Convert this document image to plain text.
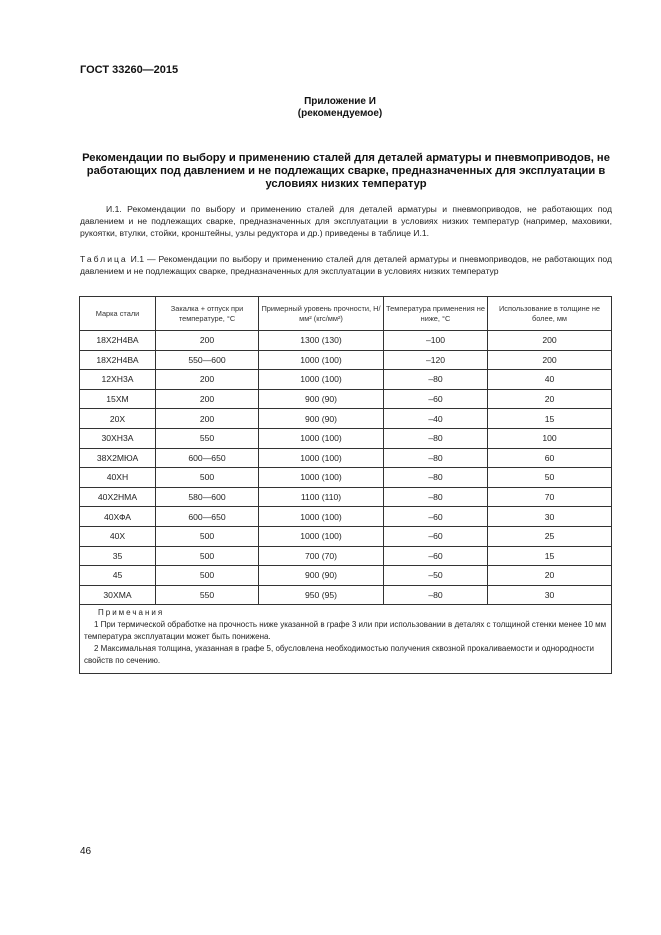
ГОСТ 33260—2015
Приложение И
(рекомендуемое)
Рекомендации по выбору и применению сталей для деталей арматуры и пневмоприводов, не работающих под давлением и не подлежащих сварке, предназначенных для эксплуатации в условиях низких температур
И.1. Рекомендации по выбору и применению сталей для деталей арматуры и пневмоприводов, не работающих под давлением и не подлежащих сварке, предназначенных для эксплуатации в условиях низких температур (например, маховики, рукоятки, втулки, стойки, кронштейны, узлы редуктора и др.) приведены в таблице И.1.
Таблица И.1 — Рекомендации по выбору и применению сталей для деталей арматуры и пневмоприводов, не работающих под давлением и не подлежащих сварке, предназначенных для эксплуатации в условиях низких температур
Марка стали	Закалка + отпуск при температуре, °С	Примерный уровень прочности, Н/мм² (кгс/мм²)	Температура применения не ниже, °С	Использование в толщине не более, мм
18Х2Н4ВА	200	1300 (130)	–100	200
18Х2Н4ВА	550—600	1000 (100)	–120	200
12ХН3А	200	1000 (100)	–80	40
15ХМ	200	900 (90)	–60	20
20Х	200	900 (90)	–40	15
30ХН3А	550	1000 (100)	–80	100
38Х2МЮА	600—650	1000 (100)	–80	60
40ХН	500	1000 (100)	–80	50
40Х2НМА	580—600	1100 (110)	–80	70
40ХФА	600—650	1000 (100)	–60	30
40Х	500	1000 (100)	–60	25
35	500	700 (70)	–60	15
45	500	900 (90)	–50	20
30ХМА	550	950 (95)	–80	30

Примечания
1 При термической обработке на прочность ниже указанной в графе 3 или при использовании в деталях с толщиной стенки менее 10 мм температура эксплуатации может быть понижена.
2 Максимальная толщина, указанная в графе 5, обусловлена необходимостью получения сквозной прокаливаемости и однородности свойств по сечению.				
46
